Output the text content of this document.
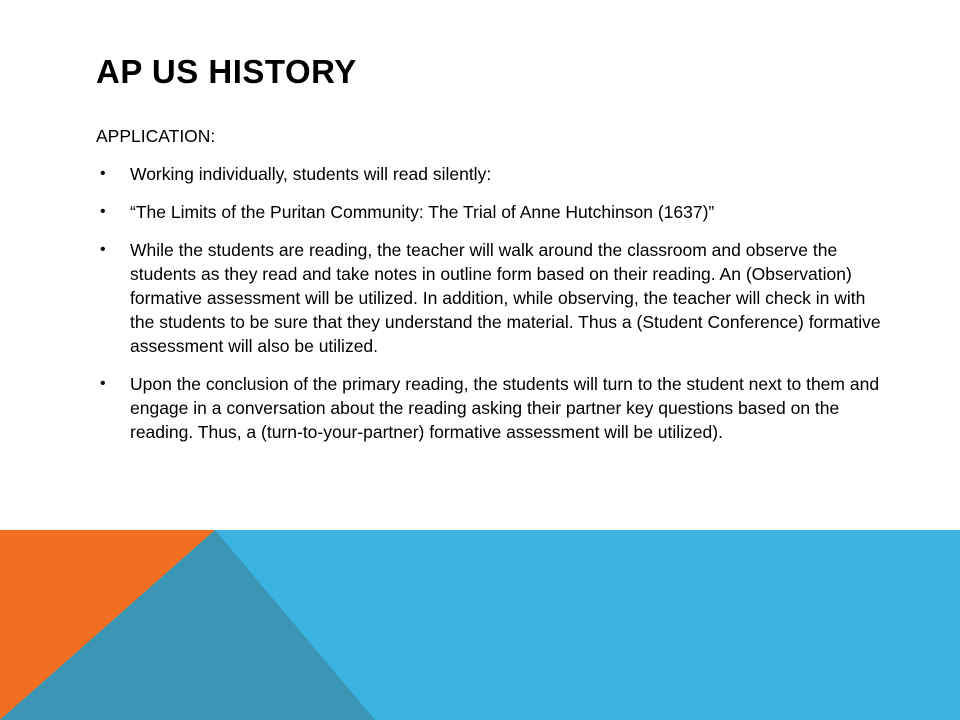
AP US HISTORY

APPLICATION:

• Working individually, students will read silently:
• “The Limits of the Puritan Community: The Trial of Anne Hutchinson (1637)”
• While the students are reading, the teacher will walk around the classroom and observe the students as they read and take notes in outline form based on their reading. An (Observation) formative assessment will be utilized. In addition, while observing, the teacher will check in with the students to be sure that they understand the material. Thus a (Student Conference) formative assessment will also be utilized.
• Upon the conclusion of the primary reading, the students will turn to the student next to them and engage in a conversation about the reading asking their partner key questions based on the reading. Thus, a (turn-to-your-partner) formative assessment will be utilized).
